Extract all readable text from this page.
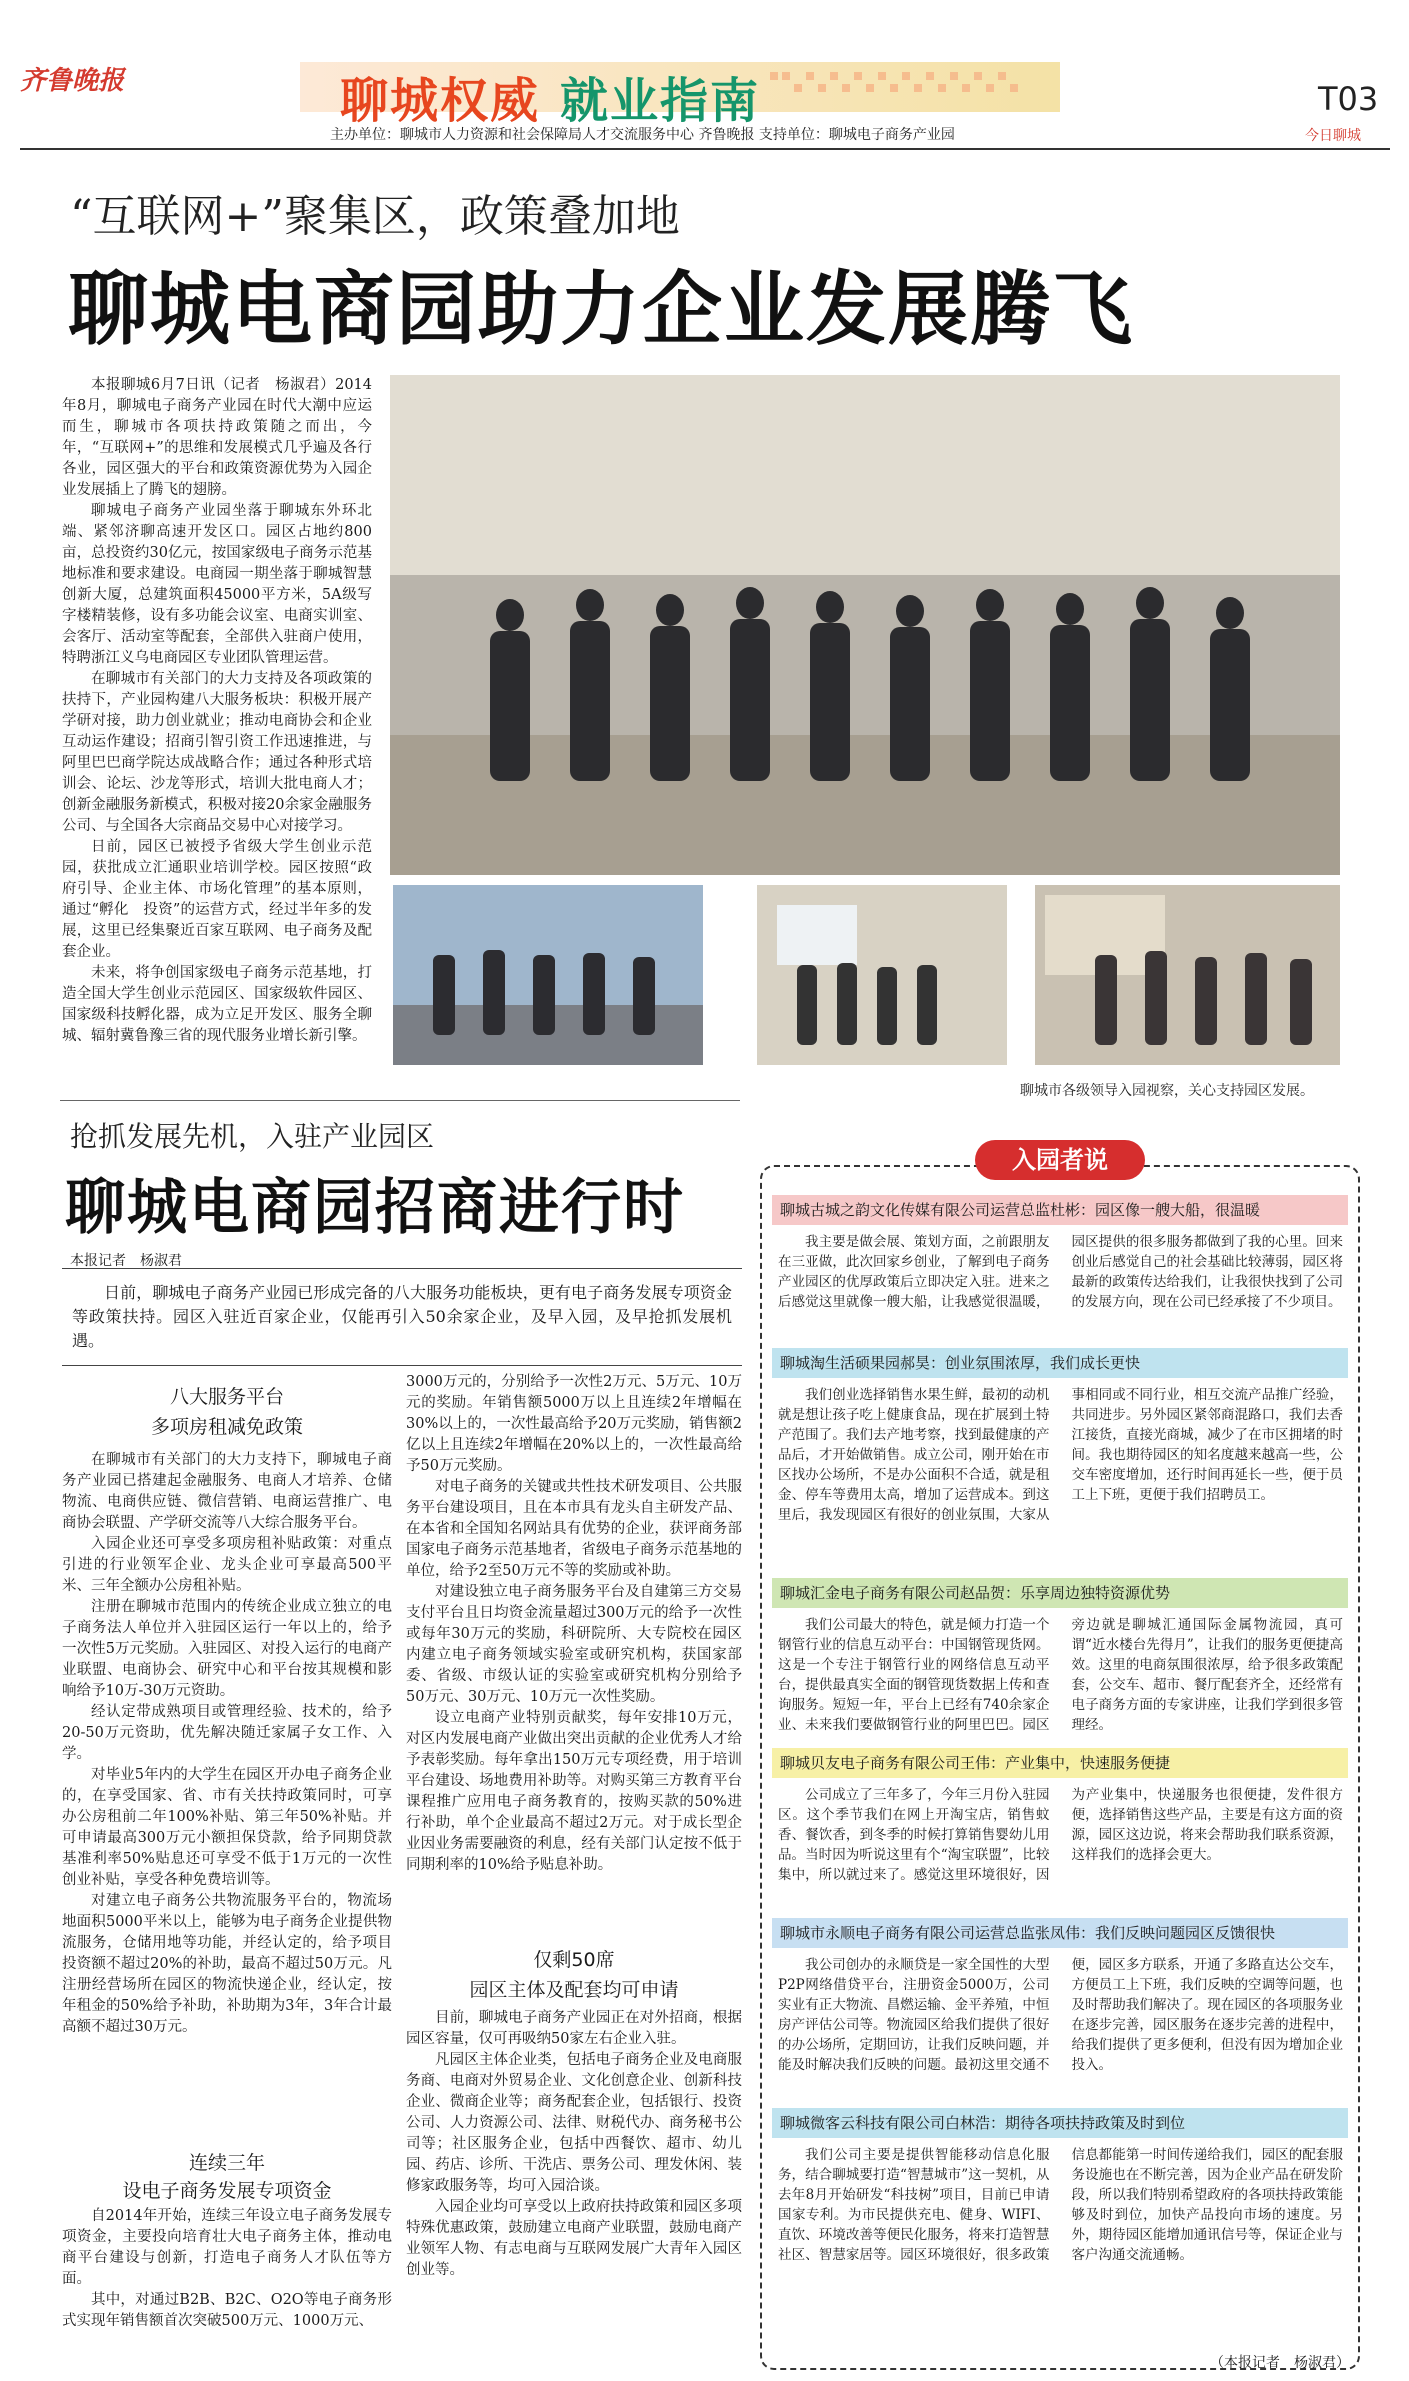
齐鲁晚报	聊城权威 就业指南	T03
今日聊城
主办单位：聊城市人力资源和社会保障局人才交流服务中心 齐鲁晚报 支持单位：聊城电子商务产业园
“互联网+”聚集区，政策叠加地
聊城电商园助力企业发展腾飞

本报聊城6月7日讯（记者　杨淑君）2014年8月，聊城电子商务产业园在时代大潮中应运而生，聊城市各项扶持政策随之而出，今年，“互联网+”的思维和发展模式几乎遍及各行各业，园区强大的平台和政策资源优势为入园企业发展插上了腾飞的翅膀。

聊城电子商务产业园坐落于聊城东外环北端、紧邻济聊高速开发区口。园区占地约800亩，总投资约30亿元，按国家级电子商务示范基地标准和要求建设。电商园一期坐落于聊城智慧创新大厦，总建筑面积45000平方米，5A级写字楼精装修，设有多功能会议室、电商实训室、会客厅、活动室等配套，全部供入驻商户使用，特聘浙江义乌电商园区专业团队管理运营。

在聊城市有关部门的大力支持及各项政策的扶持下，产业园构建八大服务板块：积极开展产学研对接，助力创业就业；推动电商协会和企业互动运作建设；招商引智引资工作迅速推进，与阿里巴巴商学院达成战略合作；通过各种形式培训会、论坛、沙龙等形式，培训大批电商人才；创新金融服务新模式，积极对接20余家金融服务公司、与全国各大宗商品交易中心对接学习。

日前，园区已被授予省级大学生创业示范园，获批成立汇通职业培训学校。园区按照“政府引导、企业主体、市场化管理”的基本原则，通过“孵化　投资”的运营方式，经过半年多的发展，这里已经集聚近百家互联网、电子商务及配套企业。

未来，将争创国家级电子商务示范基地，打造全国大学生创业示范园区、国家级软件园区、国家级科技孵化器，成为立足开发区、服务全聊城、辐射冀鲁豫三省的现代服务业增长新引擎。

聊城市各级领导入园视察，关心支持园区发展。
抢抓发展先机，入驻产业园区
聊城电商园招商进行时
本报记者　杨淑君
日前，聊城电子商务产业园已形成完备的八大服务功能板块，更有电子商务发展专项资金等政策扶持。园区入驻近百家企业，仅能再引入50余家企业，及早入园，及早抢抓发展机遇。
八大服务平台
多项房租减免政策

在聊城市有关部门的大力支持下，聊城电子商务产业园已搭建起金融服务、电商人才培养、仓储物流、电商供应链、微信营销、电商运营推广、电商协会联盟、产学研交流等八大综合服务平台。

入园企业还可享受多项房租补贴政策：对重点引进的行业领军企业、龙头企业可享最高500平米、三年全额办公房租补贴。

注册在聊城市范围内的传统企业成立独立的电子商务法人单位并入驻园区运行一年以上的，给予一次性5万元奖励。入驻园区、对投入运行的电商产业联盟、电商协会、研究中心和平台按其规模和影响给予10万-30万元资助。

经认定带成熟项目或管理经验、技术的，给予20-50万元资助，优先解决随迁家属子女工作、入学。

对毕业5年内的大学生在园区开办电子商务企业的，在享受国家、省、市有关扶持政策同时，可享办公房租前二年100%补贴、第三年50%补贴。并可申请最高300万元小额担保贷款，给予同期贷款基准利率50%贴息还可享受不低于1万元的一次性创业补贴，享受各种免费培训等。

对建立电子商务公共物流服务平台的，物流场地面积5000平米以上，能够为电子商务企业提供物流服务，仓储用地等功能，并经认定的，给予项目投资额不超过20%的补助，最高不超过50万元。凡注册经营场所在园区的物流快递企业，经认定，按年租金的50%给予补助，补助期为3年，3年合计最高额不超过30万元。

连续三年
设电子商务发展专项资金

自2014年开始，连续三年设立电子商务发展专项资金，主要投向培育壮大电子商务主体，推动电商平台建设与创新，打造电子商务人才队伍等方面。

其中，对通过B2B、B2C、O2O等电子商务形式实现年销售额首次突破500万元、1000万元、

3000万元的，分别给予一次性2万元、5万元、10万元的奖励。年销售额5000万以上且连续2年增幅在30%以上的，一次性最高给予20万元奖励，销售额2亿以上且连续2年增幅在20%以上的，一次性最高给予50万元奖励。

对电子商务的关键或共性技术研发项目、公共服务平台建设项目，且在本市具有龙头自主研发产品、在本省和全国知名网站具有优势的企业，获评商务部国家电子商务示范基地者，省级电子商务示范基地的单位，给予2至50万元不等的奖励或补助。

对建设独立电子商务服务平台及自建第三方交易支付平台且日均资金流量超过300万元的给予一次性或每年30万元的奖励，科研院所、大专院校在园区内建立电子商务领域实验室或研究机构，获国家部委、省级、市级认证的实验室或研究机构分别给予50万元、30万元、10万元一次性奖励。

设立电商产业特别贡献奖，每年安排10万元，对区内发展电商产业做出突出贡献的企业优秀人才给予表彰奖励。每年拿出150万元专项经费，用于培训平台建设、场地费用补助等。对购买第三方教育平台课程推广应用电子商务教育的，按购买款的50%进行补助，单个企业最高不超过2万元。对于成长型企业因业务需要融资的利息，经有关部门认定按不低于同期利率的10%给予贴息补助。

仅剩50席
园区主体及配套均可申请

目前，聊城电子商务产业园正在对外招商，根据园区容量，仅可再吸纳50家左右企业入驻。

凡园区主体企业类，包括电子商务企业及电商服务商、电商对外贸易企业、文化创意企业、创新科技企业、微商企业等；商务配套企业，包括银行、投资公司、人力资源公司、法律、财税代办、商务秘书公司等；社区服务企业，包括中西餐饮、超市、幼儿园、药店、诊所、干洗店、票务公司、理发休闲、装修家政服务等，均可入园洽谈。

入园企业均可享受以上政府扶持政策和园区多项特殊优惠政策，鼓励建立电商产业联盟，鼓励电商产业领军人物、有志电商与互联网发展广大青年入园区创业等。

入园者说
聊城古城之韵文化传媒有限公司运营总监杜彬：园区像一艘大船，很温暖
我主要是做会展、策划方面，之前跟朋友在三亚做，此次回家乡创业，了解到电子商务产业园区的优厚政策后立即决定入驻。进来之后感觉这里就像一艘大船，让我感觉很温暖，园区提供的很多服务都做到了我的心里。回来创业后感觉自己的社会基础比较薄弱，园区将最新的政策传达给我们，让我很快找到了公司的发展方向，现在公司已经承接了不少项目。
聊城淘生活硕果园郝昊：创业氛围浓厚，我们成长更快
我们创业选择销售水果生鲜，最初的动机就是想让孩子吃上健康食品，现在扩展到土特产范围了。我们去产地考察，找到最健康的产品后，才开始做销售。成立公司，刚开始在市区找办公场所，不是办公面积不合适，就是租金、停车等费用太高，增加了运营成本。到这里后，我发现园区有很好的创业氛围，大家从事相同或不同行业，相互交流产品推广经验，共同进步。另外园区紧邻商混路口，我们去香江接货，直接光商城，减少了在市区拥堵的时间。我也期待园区的知名度越来越高一些，公交车密度增加，还行时间再延长一些，便于员工上下班，更便于我们招聘员工。
聊城汇金电子商务有限公司赵品贺：乐享周边独特资源优势
我们公司最大的特色，就是倾力打造一个钢管行业的信息互动平台：中国钢管现货网。这是一个专注于钢管行业的网络信息互动平台，提供最真实全面的钢管现货数据上传和查询服务。短短一年，平台上已经有740余家企业、未来我们要做钢管行业的阿里巴巴。园区旁边就是聊城汇通国际金属物流园，真可谓“近水楼台先得月”，让我们的服务更便捷高效。这里的电商氛围很浓厚，给予很多政策配套，公交车、超市、餐厅配套齐全，还经常有电子商务方面的专家讲座，让我们学到很多管理经。
聊城贝友电子商务有限公司王伟：产业集中，快速服务便捷
公司成立了三年多了，今年三月份入驻园区。这个季节我们在网上开淘宝店，销售蚊香、餐饮香，到冬季的时候打算销售婴幼儿用品。当时因为听说这里有个“淘宝联盟”，比较集中，所以就过来了。感觉这里环境很好，因为产业集中，快递服务也很便捷，发件很方便，选择销售这些产品，主要是有这方面的资源，园区这边说，将来会帮助我们联系资源，这样我们的选择会更大。
聊城市永顺电子商务有限公司运营总监张凤伟：我们反映问题园区反馈很快
我公司创办的永顺贷是一家全国性的大型P2P网络借贷平台，注册资金5000万，公司实业有正大物流、昌燃运输、金平养殖，中恒房产评估公司等。物流园区给我们提供了很好的办公场所，定期回访，让我们反映问题，并能及时解决我们反映的问题。最初这里交通不便，园区多方联系，开通了多路直达公交车，方便员工上下班，我们反映的空调等问题，也及时帮助我们解决了。现在园区的各项服务业在逐步完善，园区服务在逐步完善的进程中，给我们提供了更多便利，但没有因为增加企业投入。
聊城微客云科技有限公司白林浩：期待各项扶持政策及时到位
我们公司主要是提供智能移动信息化服务，结合聊城要打造“智慧城市”这一契机，从去年8月开始研发“科技树”项目，目前已申请国家专利。为市民提供充电、健身、WIFI、直饮、环境改善等便民化服务，将来打造智慧社区、智慧家居等。园区环境很好，很多政策信息都能第一时间传递给我们，园区的配套服务设施也在不断完善，因为企业产品在研发阶段，所以我们特别希望政府的各项扶持政策能够及时到位，加快产品投向市场的速度。另外，期待园区能增加通讯信号等，保证企业与客户沟通交流通畅。
（本报记者　杨淑君）
